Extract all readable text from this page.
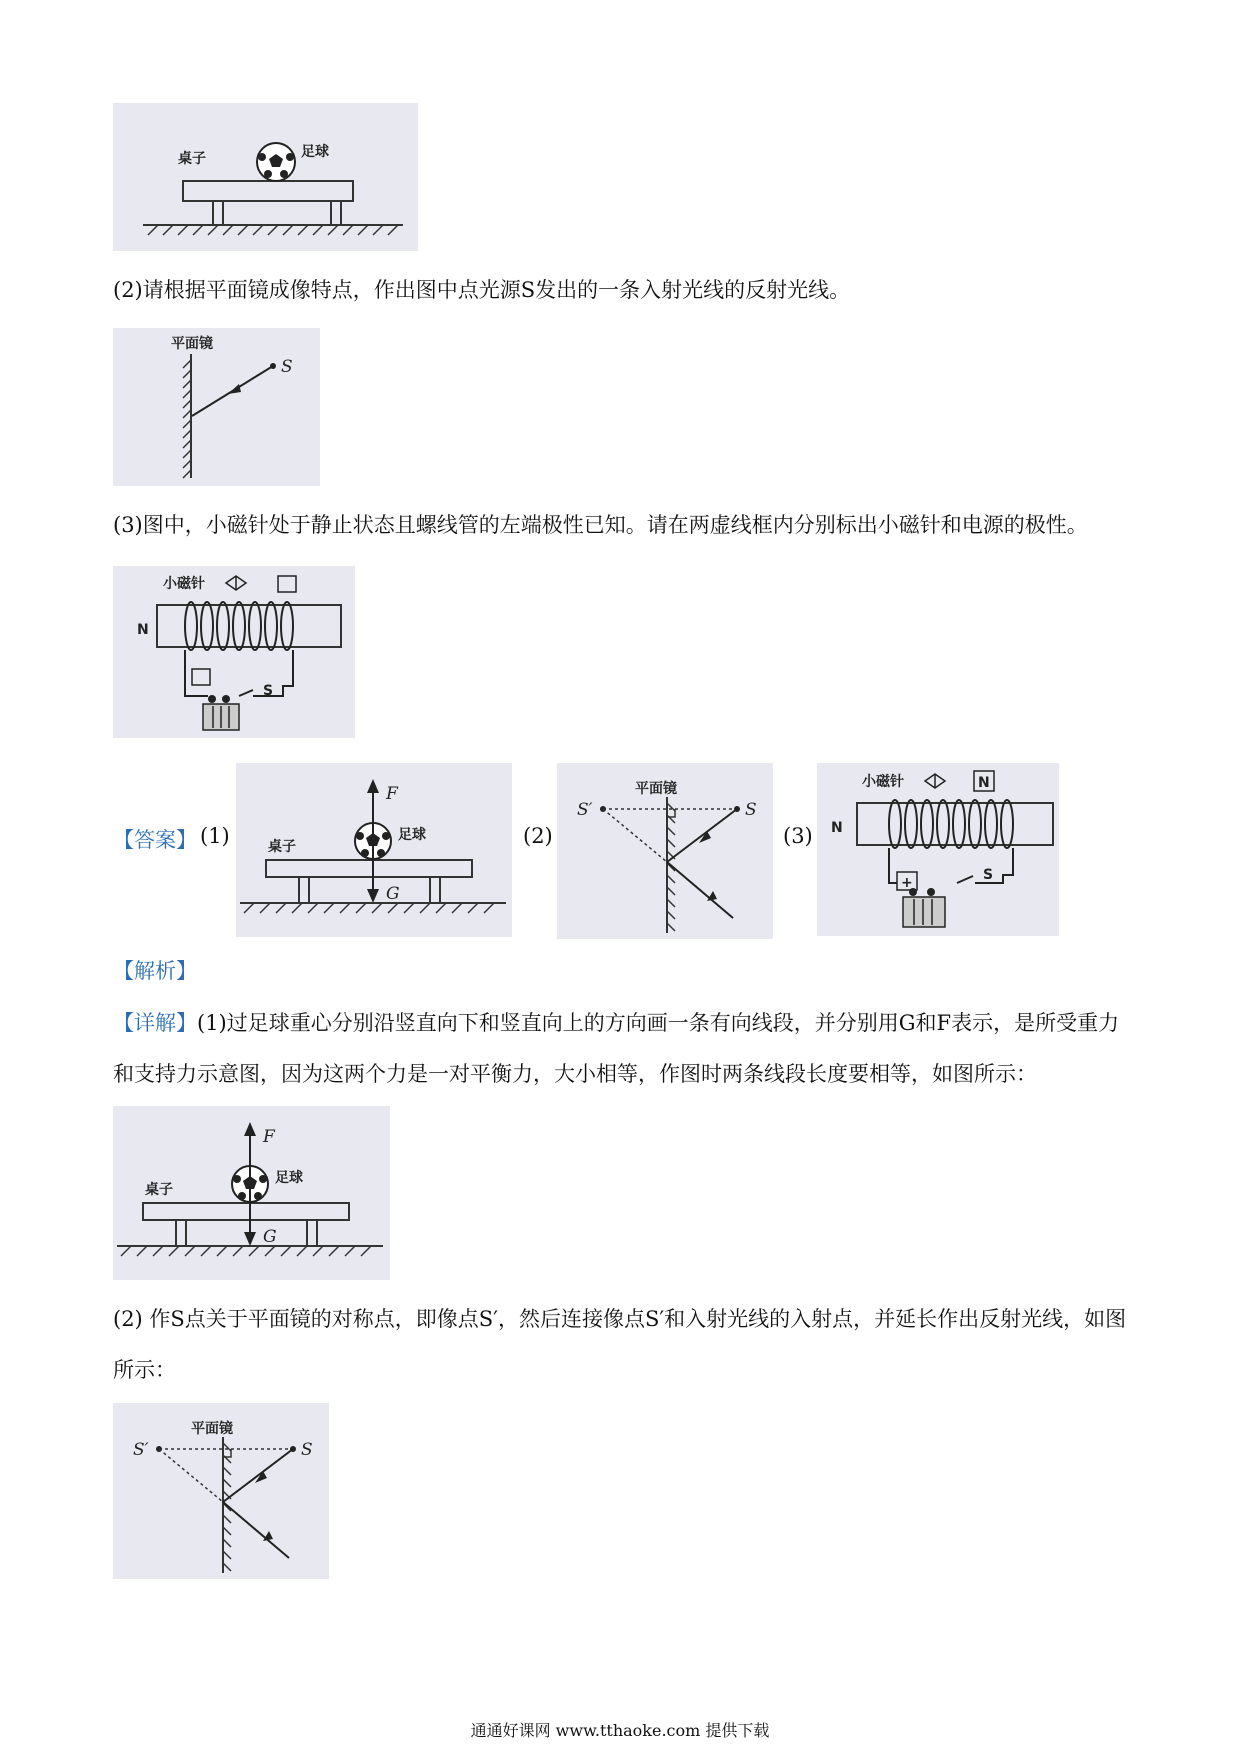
桌子	足球
(2)请根据平面镜成像特点，作出图中点光源S发出的一条入射光线的反射光线。
平面镜
S
(3)图中，小磁针处于静止状态且螺线管的左端极性已知。请在两虚线框内分别标出小磁针和电源的极性。
小磁针
N
S
【答案】 (1)
F
G
桌子
足球	(2)
平面镜
S′	S
(3)
小磁针	N
N
+	S
【解析】
【详解】(1)过足球重心分别沿竖直向下和竖直向上的方向画一条有向线段，并分别用G和F表示，是所受重力和支持力示意图，因为这两个力是一对平衡力，大小相等，作图时两条线段长度要相等，如图所示：
F
G
桌子
足球
(2) 作S点关于平面镜的对称点，即像点S′，然后连接像点S′和入射光线的入射点，并延长作出反射光线，如图所示：
平面镜
S′	S
通通好课网 www.tthaoke.com 提供下载
